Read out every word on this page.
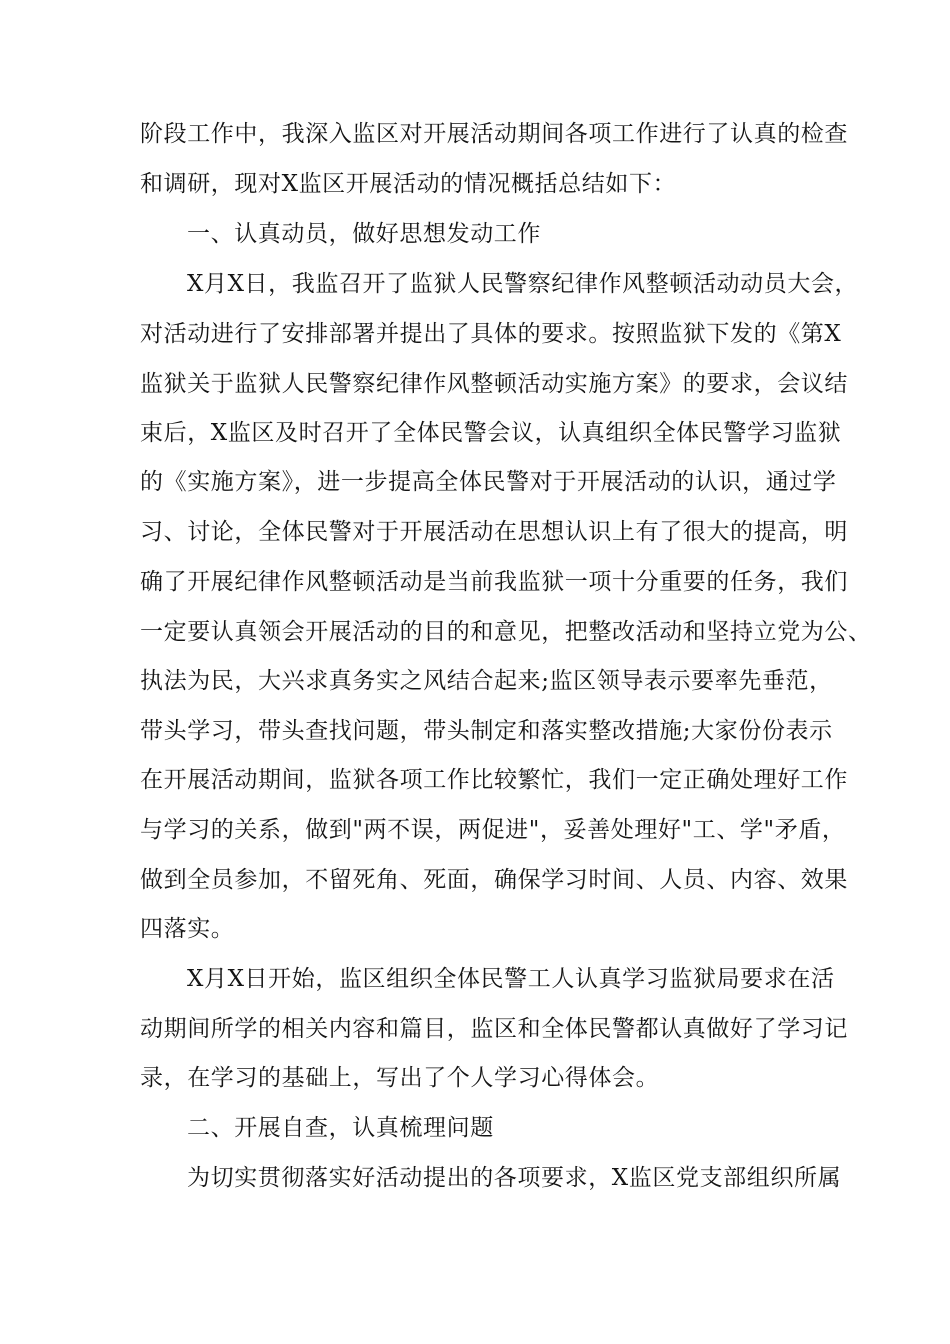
阶段工作中，我深入监区对开展活动期间各项工作进行了认真的检查
和调研，现对X监区开展活动的情况概括总结如下：
一、认真动员，做好思想发动工作
X月X日，我监召开了监狱人民警察纪律作风整顿活动动员大会，
对活动进行了安排部署并提出了具体的要求。按照监狱下发的《第X
监狱关于监狱人民警察纪律作风整顿活动实施方案》的要求，会议结
束后，X监区及时召开了全体民警会议，认真组织全体民警学习监狱
的《实施方案》，进一步提高全体民警对于开展活动的认识，通过学
习、讨论，全体民警对于开展活动在思想认识上有了很大的提高，明
确了开展纪律作风整顿活动是当前我监狱一项十分重要的任务，我们
一定要认真领会开展活动的目的和意见，把整改活动和坚持立党为公、
执法为民，大兴求真务实之风结合起来;监区领导表示要率先垂范，
带头学习，带头查找问题，带头制定和落实整改措施;大家份份表示
在开展活动期间，监狱各项工作比较繁忙，我们一定正确处理好工作
与学习的关系，做到"两不误，两促进"，妥善处理好"工、学"矛盾，
做到全员参加，不留死角、死面，确保学习时间、人员、内容、效果
四落实。
X月X日开始，监区组织全体民警工人认真学习监狱局要求在活
动期间所学的相关内容和篇目，监区和全体民警都认真做好了学习记
录，在学习的基础上，写出了个人学习心得体会。
二、开展自查，认真梳理问题
为切实贯彻落实好活动提出的各项要求，X监区党支部组织所属
